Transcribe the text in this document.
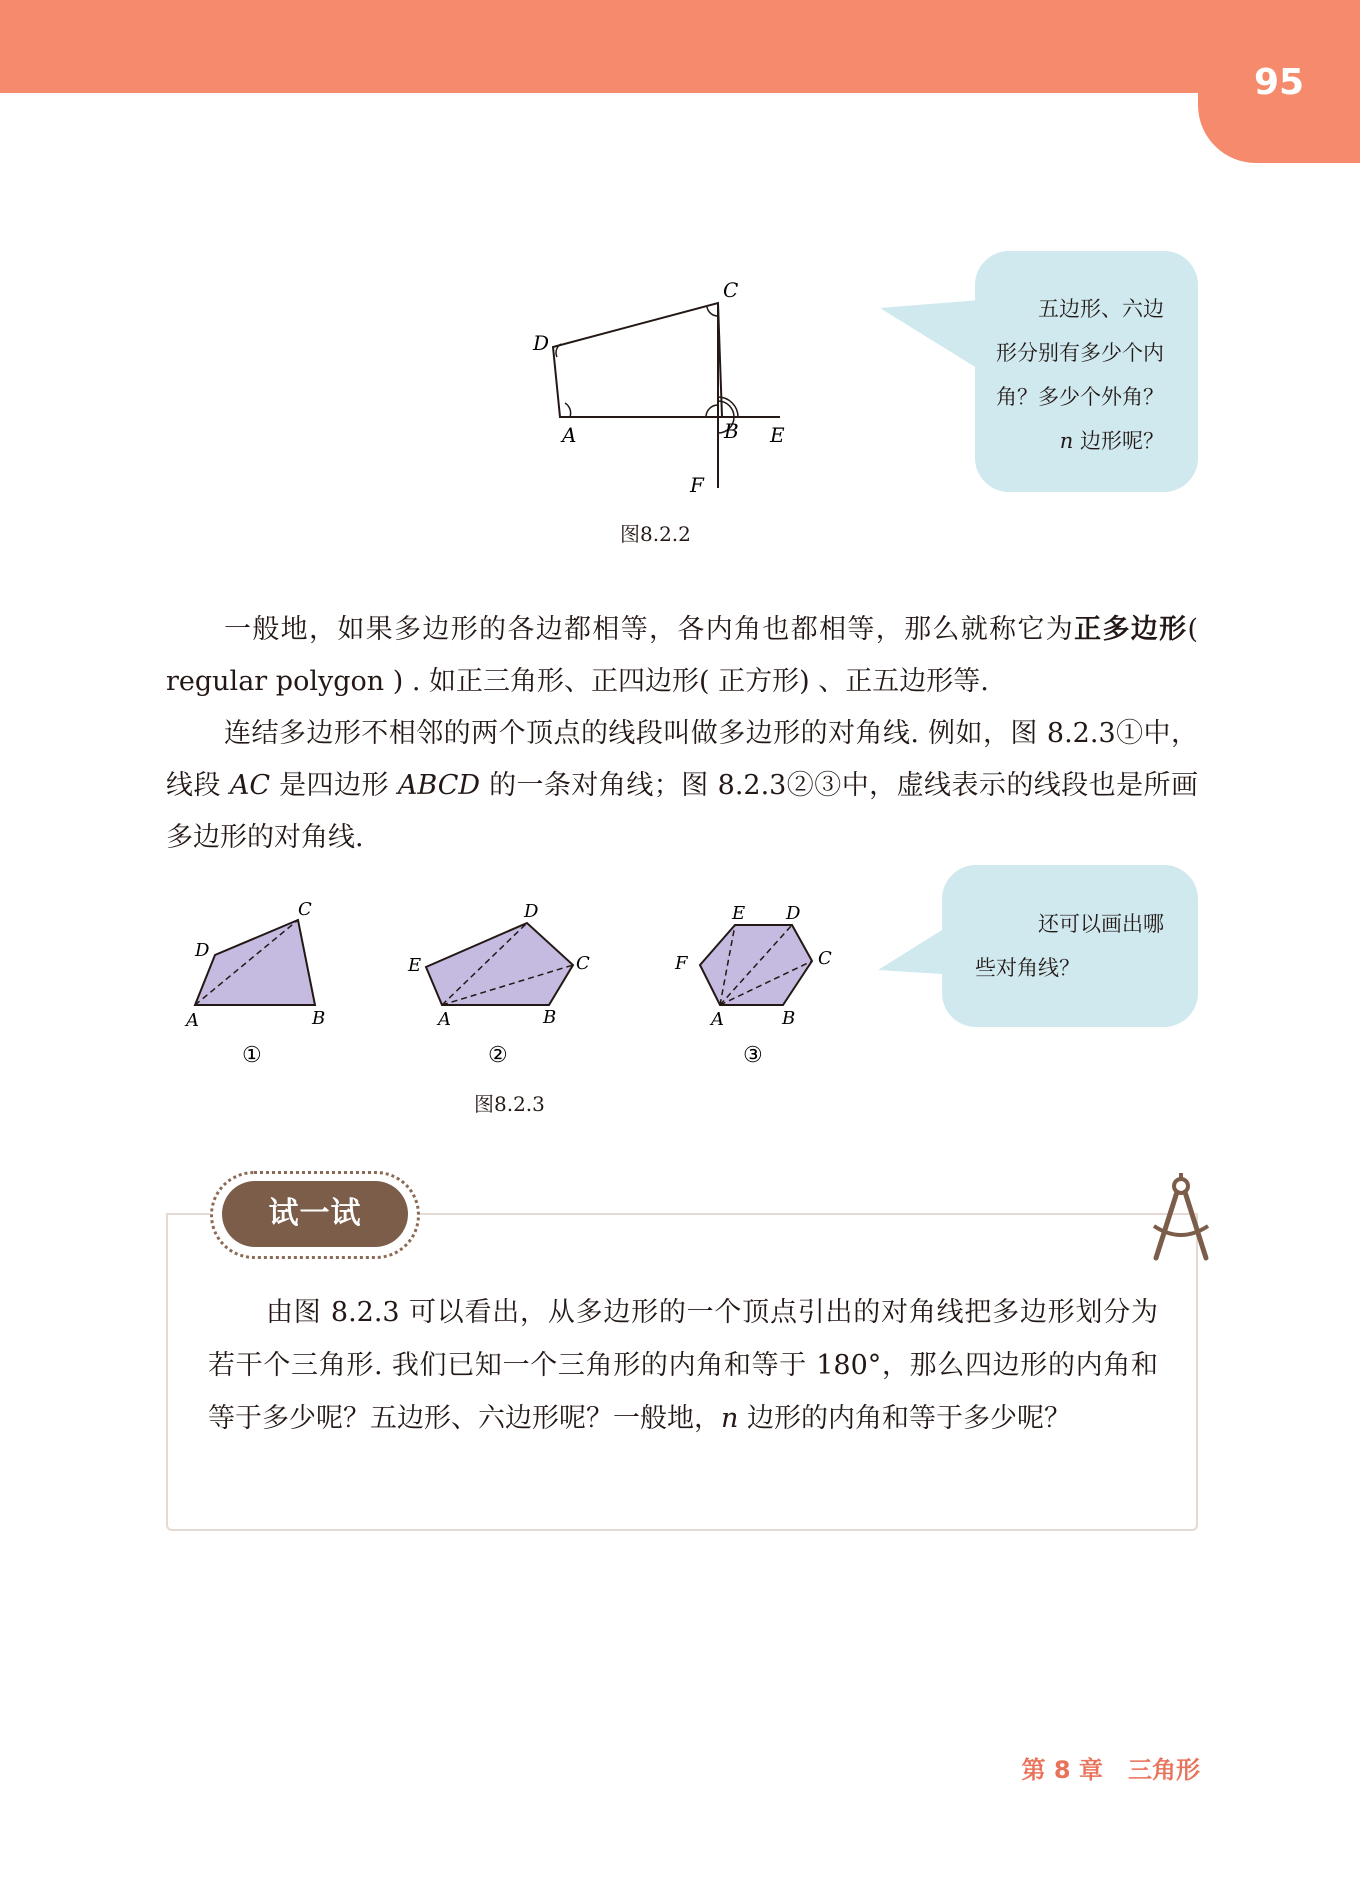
95
A	B
C
D
E
F
图8.2.2
五边形、六边
形分别有多少个内
角？多少个外角？
n 边形呢？

一般地，如果多边形的各边都相等，各内角也都相等，那么就称它为正多边形( regular polygon ) . 如正三角形、正四边形( 正方形) 、正五边形等.

连结多边形不相邻的两个顶点的线段叫做多边形的对角线. 例如，图 8.2.3①中，线段 AC 是四边形 ABCD 的一条对角线；图 8.2.3②③中，虚线表示的线段也是所画多边形的对角线.

A	B
C
D
①
A	B
C
D
E
②
A	B
C
D
E
F
③
图8.2.3
还可以画出哪
些对角线？
试一试

由图 8.2.3 可以看出，从多边形的一个顶点引出的对角线把多边形划分为若干个三角形. 我们已知一个三角形的内角和等于 180°，那么四边形的内角和等于多少呢？五边形、六边形呢？一般地，n 边形的内角和等于多少呢？

第 8 章 三角形
